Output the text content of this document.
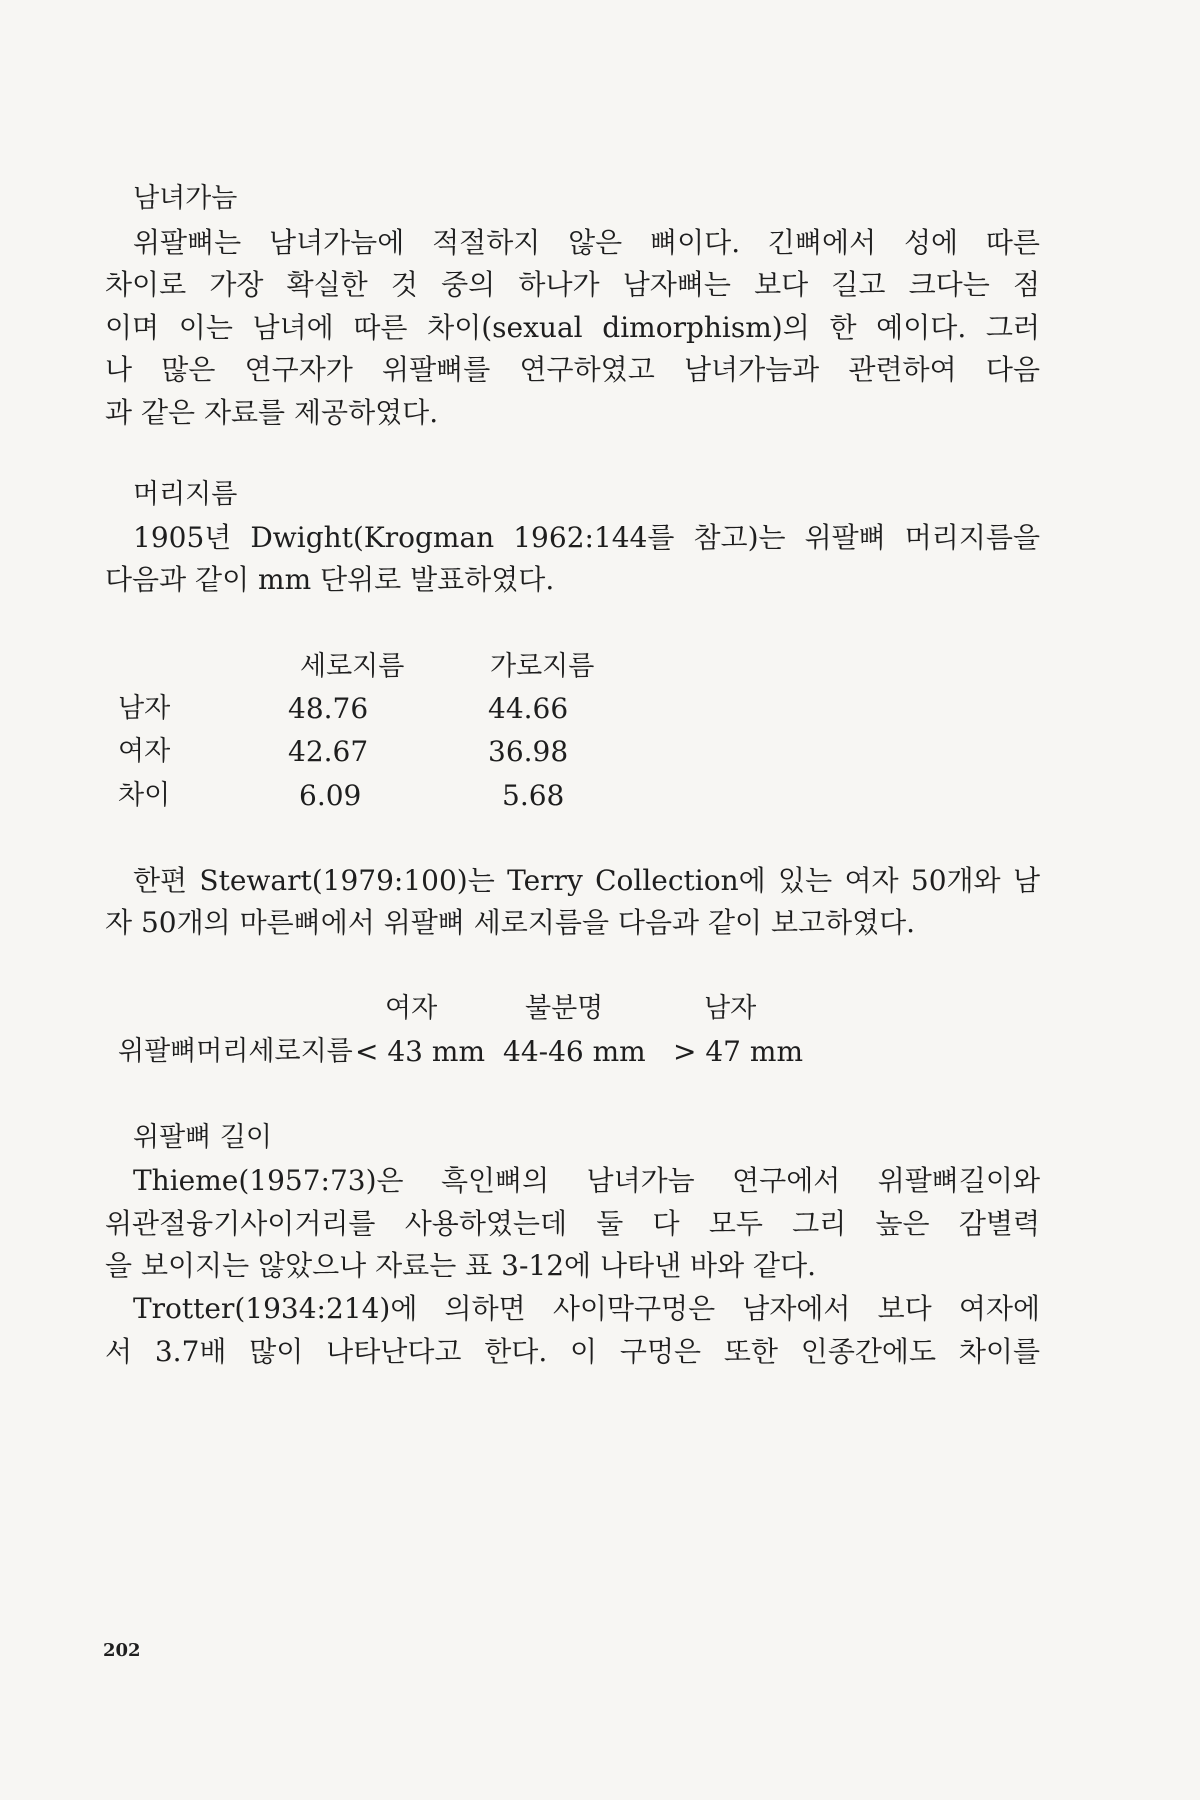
남녀가늠
위팔뼈는 남녀가늠에 적절하지 않은 뼈이다. 긴뼈에서 성에 따른
차이로 가장 확실한 것 중의 하나가 남자뼈는 보다 길고 크다는 점
이며 이는 남녀에 따른 차이(sexual dimorphism)의 한 예이다. 그러
나 많은 연구자가 위팔뼈를 연구하였고 남녀가늠과 관련하여 다음
과 같은 자료를 제공하였다.
머리지름
1905년 Dwight(Krogman 1962:144를 참고)는 위팔뼈 머리지름을
다음과 같이 mm 단위로 발표하였다.
세로지름	가로지름
남자	48.76	44.66
여자	42.67	36.98
차이	6.09	5.68
한편 Stewart(1979:100)는 Terry Collection에 있는 여자 50개와 남
자 50개의 마른뼈에서 위팔뼈 세로지름을 다음과 같이 보고하였다.
여자	불분명	남자
위팔뼈머리세로지름 < 43 mm 44-46 mm > 47 mm
위팔뼈 길이
Thieme(1957:73)은 흑인뼈의 남녀가늠 연구에서 위팔뼈길이와
위관절융기사이거리를 사용하였는데 둘 다 모두 그리 높은 감별력
을 보이지는 않았으나 자료는 표 3-12에 나타낸 바와 같다.
Trotter(1934:214)에 의하면 사이막구멍은 남자에서 보다 여자에
서 3.7배 많이 나타난다고 한다. 이 구멍은 또한 인종간에도 차이를
202
